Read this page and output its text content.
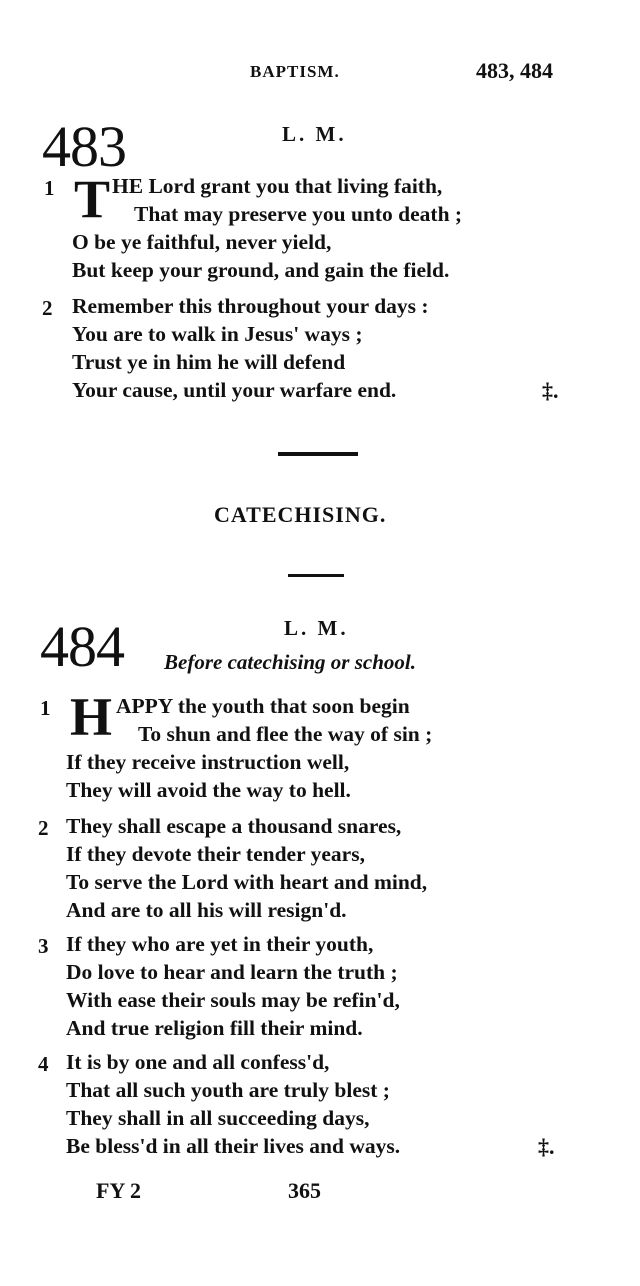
BAPTISM.	483, 484
483	L. M.
1 T HE Lord grant you that living faith,
That may preserve you unto death ;
O be ye faithful, never yield,
But keep your ground, and gain the field.
2 Remember this throughout your days :
You are to walk in Jesus' ways ;
Trust ye in him he will defend
Your cause, until your warfare end.	‡.
CATECHISING.
484	L. M.
Before catechising or school.
1 H APPY the youth that soon begin
To shun and flee the way of sin ;
If they receive instruction well,
They will avoid the way to hell.
2 They shall escape a thousand snares,
If they devote their tender years,
To serve the Lord with heart and mind,
And are to all his will resign'd.
3 If they who are yet in their youth,
Do love to hear and learn the truth ;
With ease their souls may be refin'd,
And true religion fill their mind.
4 It is by one and all confess'd,
That all such youth are truly blest ;
They shall in all succeeding days,
Be bless'd in all their lives and ways.	‡.
FY 2	365
